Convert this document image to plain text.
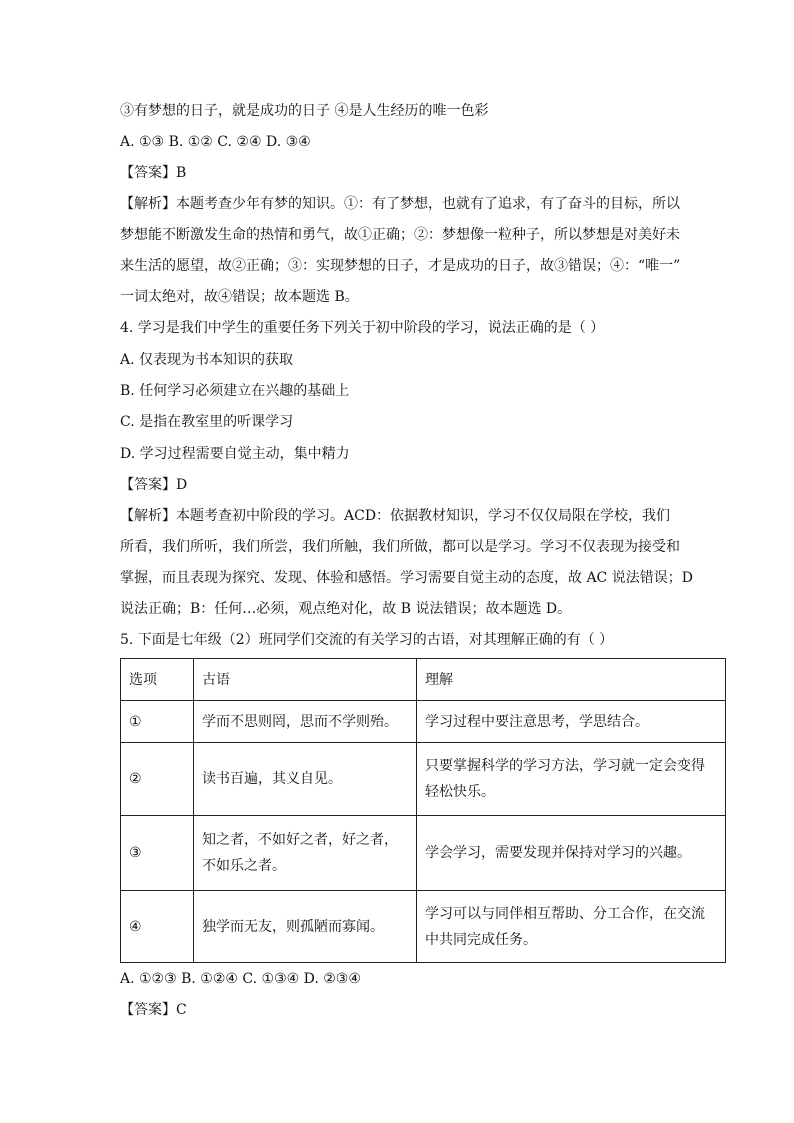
③有梦想的日子，就是成功的日子 ④是人生经历的唯一色彩
A. ①③ B. ①② C. ②④ D. ③④
【答案】B
【解析】本题考查少年有梦的知识。①：有了梦想，也就有了追求，有了奋斗的目标，所以
梦想能不断激发生命的热情和勇气，故①正确；②：梦想像一粒种子，所以梦想是对美好未
来生活的愿望，故②正确；③：实现梦想的日子，才是成功的日子，故③错误；④：“唯一”
一词太绝对，故④错误；故本题选 B。
4. 学习是我们中学生的重要任务下列关于初中阶段的学习，说法正确的是（ ）
A. 仅表现为书本知识的获取
B. 任何学习必须建立在兴趣的基础上
C. 是指在教室里的听课学习
D. 学习过程需要自觉主动，集中精力
【答案】D
【解析】本题考查初中阶段的学习。ACD：依据教材知识，学习不仅仅局限在学校，我们
所看，我们所听，我们所尝，我们所触，我们所做，都可以是学习。学习不仅表现为接受和
掌握，而且表现为探究、发现、体验和感悟。学习需要自觉主动的态度，故 AC 说法错误；D
说法正确；B：任何…必须，观点绝对化，故 B 说法错误；故本题选 D。
5. 下面是七年级（2）班同学们交流的有关学习的古语，对其理解正确的有（ ）
选项	古语	理解
①	学而不思则罔，思而不学则殆。	学习过程中要注意思考，学思结合。
②	读书百遍，其义自见。	只要掌握科学的学习方法，学习就一定会变得轻松快乐。
③	知之者，不如好之者，好之者，不如乐之者。	学会学习，需要发现并保持对学习的兴趣。
④	独学而无友，则孤陋而寡闻。	学习可以与同伴相互帮助、分工合作，在交流中共同完成任务。
A. ①②③ B. ①②④ C. ①③④ D. ②③④
【答案】C
